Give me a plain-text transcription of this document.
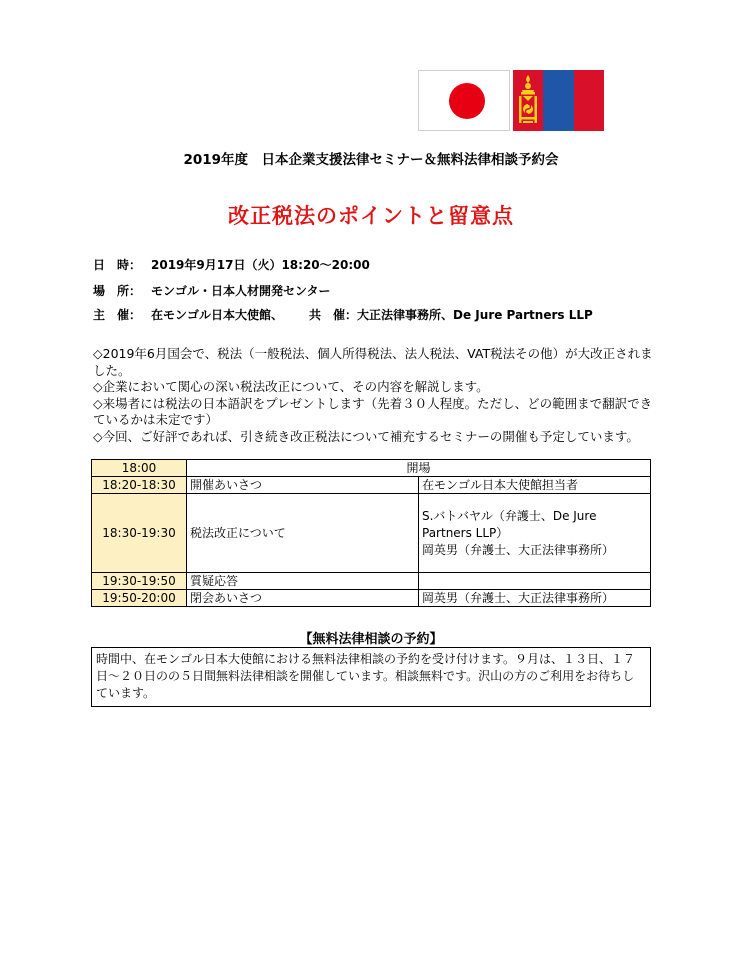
2019年度　日本企業支援法律セミナー＆無料法律相談予約会
改正税法のポイントと留意点
日　時： 2019年9月17日（火）18:20〜20:00
場　所： モンゴル・日本人材開発センター
主　催： 在モンゴル日本大使館、 共　催：大正法律事務所、De Jure Partners LLP

◇2019年6月国会で、税法（一般税法、個人所得税法、法人税法、VAT税法その他）が大改正されました。

◇企業において関心の深い税法改正について、その内容を解説します。

◇来場者には税法の日本語訳をプレゼントします（先着３０人程度。ただし、どの範囲まで翻訳できているかは未定です）

◇今回、ご好評であれば、引き続き改正税法について補充するセミナーの開催も予定しています。

18:00	開場	
18:20-18:30	開催あいさつ	在モンゴル日本大使館担当者
18:30-19:30	税法改正について	S.バトバヤル（弁護士、De Jure Partners LLP）
岡英男（弁護士、大正法律事務所）

19:30-19:50	質疑応答	
19:50-20:00	閉会あいさつ	岡英男（弁護士、大正法律事務所）
【無料法律相談の予約】
時間中、在モンゴル日本大使館における無料法律相談の予約を受け付けます。９月は、１３日、１７日〜２０日のの５日間無料法律相談を開催しています。相談無料です。沢山の方のご利用をお待ちしています。
